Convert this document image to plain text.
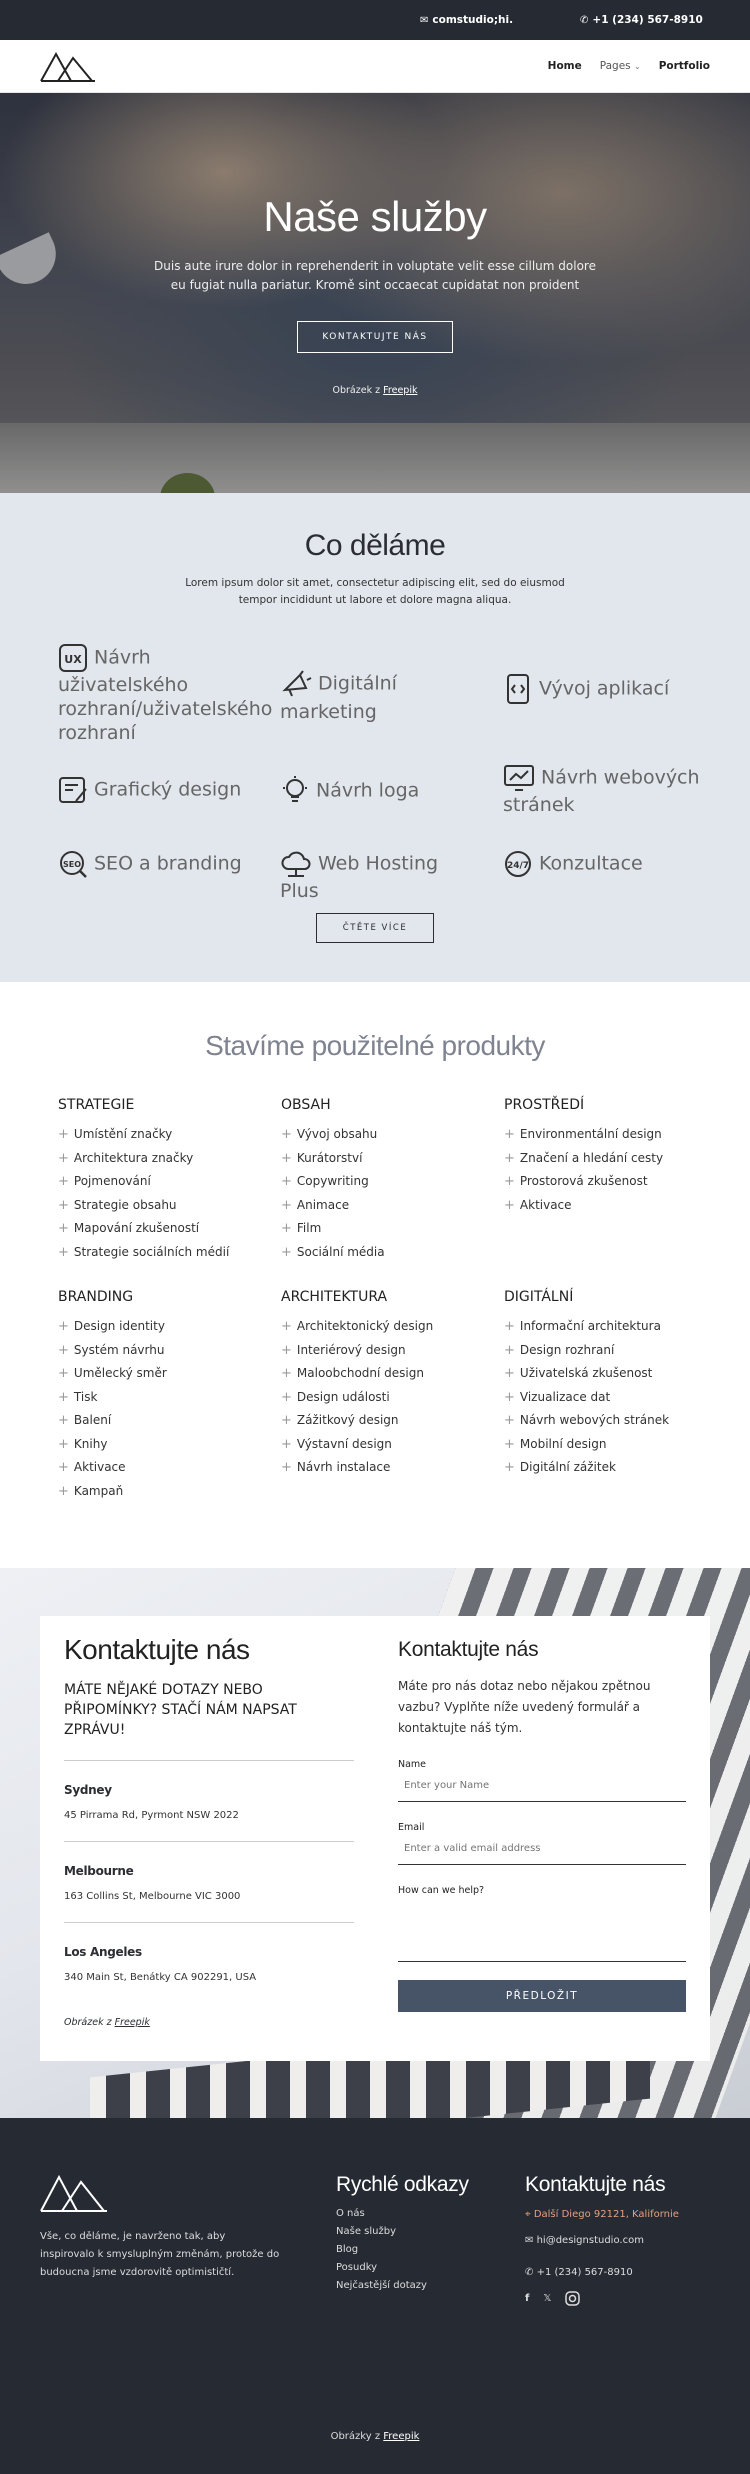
✉ comstudio;hi.	✆ +1 (234) 567-8910
Home Pages ⌄ Portfolio
Naše služby

Duis aute irure dolor in reprehenderit in voluptate velit esse cillum dolore eu fugiat nulla pariatur. Kromě sint occaecat cupidatat non proident

KONTAKTUJTE NÁS
Obrázek z Freepik
Co děláme

Lorem ipsum dolor sit amet, consectetur adipiscing elit, sed do eiusmod tempor incididunt ut labore et dolore magna aliqua.

UX Návrh uživatelského rozhraní/uživatelského rozhraní
Digitální marketing
Vývoj aplikací
Grafický design	Návrh loga
Návrh webových stránek
SEO SEO a branding	Web Hosting Plus
24/7 Konzultace
ČTĚTE VÍCE
Stavíme použitelné produkty
STRATEGIE
+ Umístění značky
+ Architektura značky
+ Pojmenování
+ Strategie obsahu
+ Mapování zkušeností
+ Strategie sociálních médií
OBSAH
+ Vývoj obsahu
+ Kurátorství
+ Copywriting
+ Animace
+ Film
+ Sociální média
PROSTŘEDÍ
+ Environmentální design
+ Značení a hledání cesty
+ Prostorová zkušenost
+ Aktivace
BRANDING
+ Design identity
+ Systém návrhu
+ Umělecký směr
+ Tisk
+ Balení
+ Knihy
+ Aktivace
+ Kampaň
ARCHITEKTURA
+ Architektonický design
+ Interiérový design
+ Maloobchodní design
+ Design události
+ Zážitkový design
+ Výstavní design
+ Návrh instalace
DIGITÁLNÍ
+ Informační architektura
+ Design rozhraní
+ Uživatelská zkušenost
+ Vizualizace dat
+ Návrh webových stránek
+ Mobilní design
+ Digitální zážitek
Kontaktujte nás

MÁTE NĚJAKÉ DOTAZY NEBO PŘIPOMÍNKY? STAČÍ NÁM NAPSAT ZPRÁVU!

Sydney

45 Pirrama Rd, Pyrmont NSW 2022

Melbourne

163 Collins St, Melbourne VIC 3000

Los Angeles

340 Main St, Benátky CA 902291, USA

Obrázek z Freepik

Kontaktujte nás

Máte pro nás dotaz nebo nějakou zpětnou vazbu? Vyplňte níže uvedený formulář a kontaktujte náš tým.

Name
Enter your Name
Email
Enter a valid email address
How can we help?
PŘEDLOŽIT

Vše, co děláme, je navrženo tak, aby inspirovalo k smysluplným změnám, protože do budoucna jsme vzdorovitě optimističtí.

Rychlé odkazy
O nás
Naše služby
Blog
Posudky
Nejčastější dotazy
Kontaktujte nás
⌖ Další Diego 92121, Kalifornie
✉ hi@designstudio.com
✆ +1 (234) 567-8910
f 𝕏
Obrázky z Freepik
